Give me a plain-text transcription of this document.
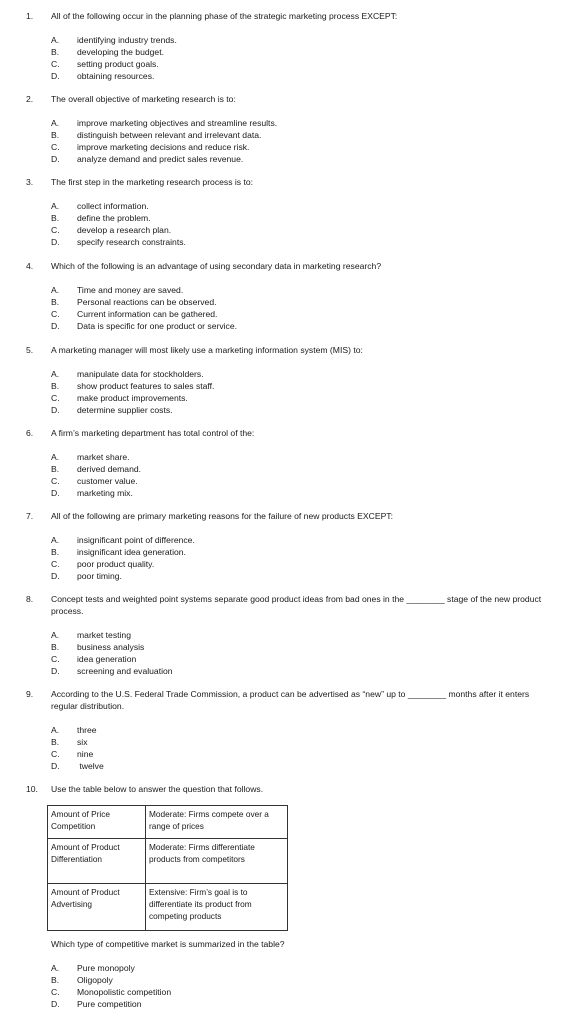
1. All of the following occur in the planning phase of the strategic marketing process EXCEPT:
A. identifying industry trends.
B. developing the budget.
C. setting product goals.
D. obtaining resources.
2. The overall objective of marketing research is to:
A. improve marketing objectives and streamline results.
B. distinguish between relevant and irrelevant data.
C. improve marketing decisions and reduce risk.
D. analyze demand and predict sales revenue.
3. The first step in the marketing research process is to:
A. collect information.
B. define the problem.
C. develop a research plan.
D. specify research constraints.
4. Which of the following is an advantage of using secondary data in marketing research?
A. Time and money are saved.
B. Personal reactions can be observed.
C. Current information can be gathered.
D. Data is specific for one product or service.
5. A marketing manager will most likely use a marketing information system (MIS) to:
A. manipulate data for stockholders.
B. show product features to sales staff.
C. make product improvements.
D. determine supplier costs.
6. A firm’s marketing department has total control of the:
A. market share.
B. derived demand.
C. customer value.
D. marketing mix.
7. All of the following are primary marketing reasons for the failure of new products EXCEPT:
A. insignificant point of difference.
B. insignificant idea generation.
C. poor product quality.
D. poor timing.
8. Concept tests and weighted point systems separate good product ideas from bad ones in the ________ stage of the new product process.
A. market testing
B. business analysis
C. idea generation
D. screening and evaluation
9. According to the U.S. Federal Trade Commission, a product can be advertised as “new” up to ________ months after it enters regular distribution.
A. three
B. six
C. nine
D. twelve
10. Use the table below to answer the question that follows.
Amount of Price Competition	Moderate: Firms compete over a range of prices
Amount of Product Differentiation	Moderate: Firms differentiate products from competitors
Amount of Product Advertising	Extensive: Firm’s goal is to differentiate its product from competing products
Which type of competitive market is summarized in the table?
A. Pure monopoly
B. Oligopoly
C. Monopolistic competition
D. Pure competition
